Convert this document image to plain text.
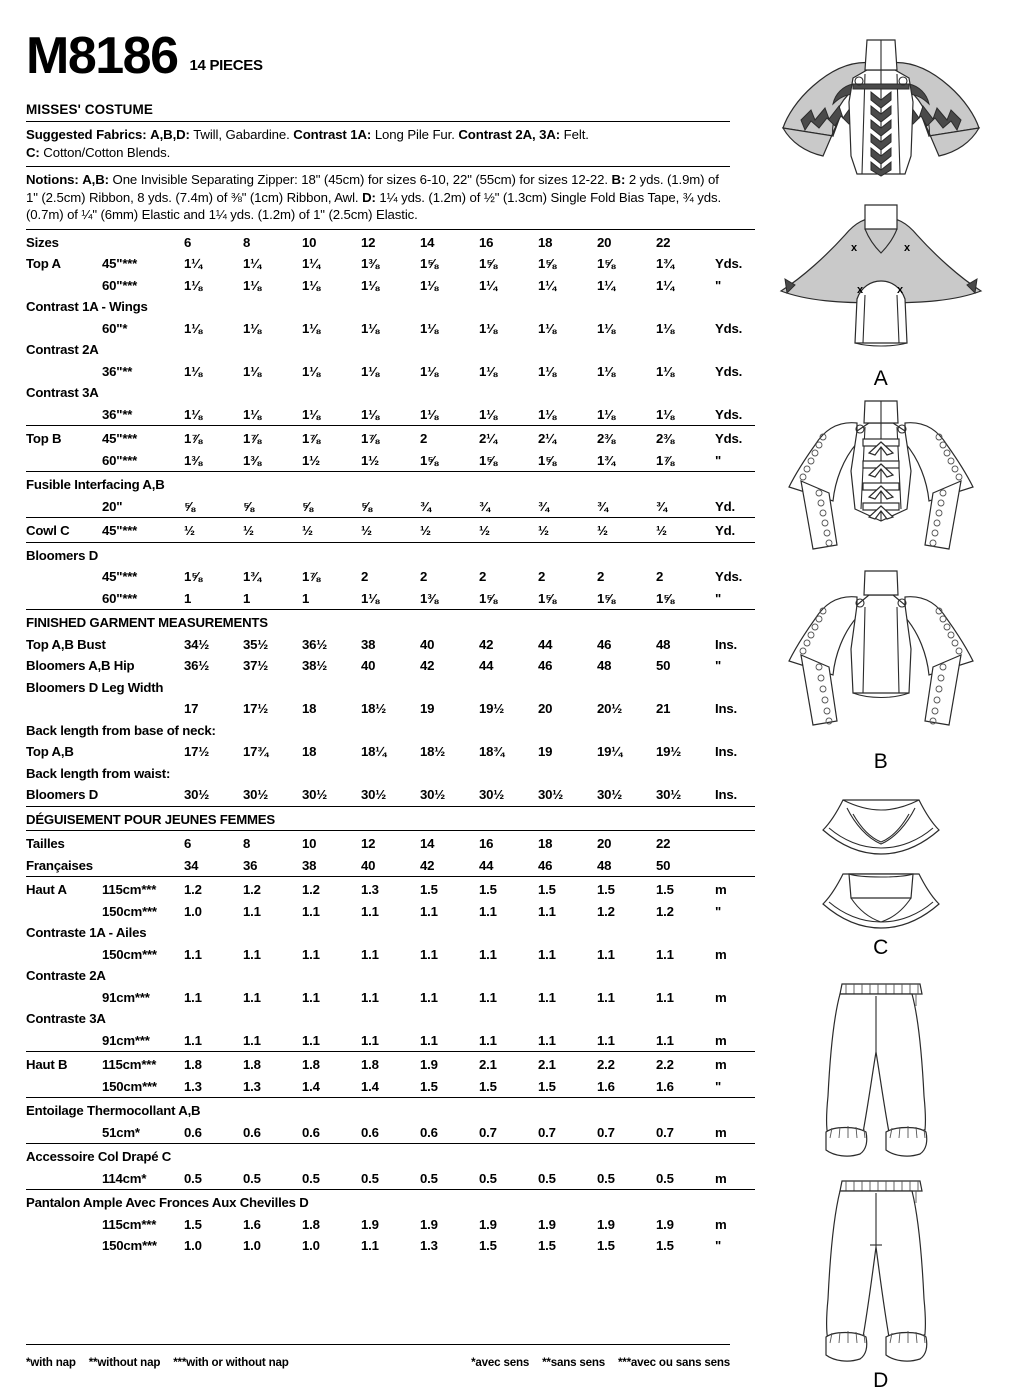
M8186 14 PIECES
MISSES' COSTUME
Suggested Fabrics: A,B,D: Twill, Gabardine. Contrast 1A: Long Pile Fur. Contrast 2A, 3A: Felt.
C: Cotton/Cotton Blends.
Notions: A,B: One Invisible Separating Zipper: 18" (45cm) for sizes 6-10, 22" (55cm) for sizes 12-22. B: 2 yds. (1.9m) of 1" (2.5cm) Ribbon, 8 yds. (7.4m) of ⅜" (1cm) Ribbon, Awl. D: 1¼ yds. (1.2m) of ½" (1.3cm) Single Fold Bias Tape, ¾ yds. (0.7m) of ¼" (6mm) Elastic and 1¼ yds. (1.2m) of 1" (2.5cm) Elastic.
Sizes		6	8	10	12	14	16	18	20	22	
Top A	45"***	1¼	1¼	1¼	1⅜	1⅝	1⅝	1⅝	1⅝	1¾	Yds.
	60"***	1⅛	1⅛	1⅛	1⅛	1⅛	1¼	1¼	1¼	1¼	"
Contrast 1A - Wings											
	60"*	1⅛	1⅛	1⅛	1⅛	1⅛	1⅛	1⅛	1⅛	1⅛	Yds.
Contrast 2A											
	36"**	1⅛	1⅛	1⅛	1⅛	1⅛	1⅛	1⅛	1⅛	1⅛	Yds.
Contrast 3A											
	36"**	1⅛	1⅛	1⅛	1⅛	1⅛	1⅛	1⅛	1⅛	1⅛	Yds.
Top B	45"***	1⅞	1⅞	1⅞	1⅞	2	2¼	2¼	2⅜	2⅜	Yds.
	60"***	1⅜	1⅜	1½	1½	1⅝	1⅝	1⅝	1¾	1⅞	"
Fusible Interfacing A,B											
	20"	⅝	⅝	⅝	⅝	¾	¾	¾	¾	¾	Yd.
Cowl C	45"***	½	½	½	½	½	½	½	½	½	Yd.
Bloomers D											
	45"***	1⅝	1¾	1⅞	2	2	2	2	2	2	Yds.
	60"***	1	1	1	1⅛	1⅜	1⅝	1⅝	1⅝	1⅝	"
FINISHED GARMENT MEASUREMENTS											
Top A,B Bust		34½	35½	36½	38	40	42	44	46	48	Ins.
Bloomers A,B Hip		36½	37½	38½	40	42	44	46	48	50	"
Bloomers D Leg Width											
		17	17½	18	18½	19	19½	20	20½	21	Ins.
Back length from base of neck:											
Top A,B		17½	17¾	18	18¼	18½	18¾	19	19¼	19½	Ins.
Back length from waist:											
Bloomers D		30½	30½	30½	30½	30½	30½	30½	30½	30½	Ins.
DÉGUISEMENT POUR JEUNES FEMMES											
Tailles		6	8	10	12	14	16	18	20	22	
Françaises		34	36	38	40	42	44	46	48	50	
Haut A	115cm***	1.2	1.2	1.2	1.3	1.5	1.5	1.5	1.5	1.5	m
	150cm***	1.0	1.1	1.1	1.1	1.1	1.1	1.1	1.2	1.2	"
Contraste 1A - Ailes											
	150cm***	1.1	1.1	1.1	1.1	1.1	1.1	1.1	1.1	1.1	m
Contraste 2A											
	91cm***	1.1	1.1	1.1	1.1	1.1	1.1	1.1	1.1	1.1	m
Contraste 3A											
	91cm***	1.1	1.1	1.1	1.1	1.1	1.1	1.1	1.1	1.1	m
Haut B	115cm***	1.8	1.8	1.8	1.8	1.9	2.1	2.1	2.2	2.2	m
	150cm***	1.3	1.3	1.4	1.4	1.5	1.5	1.5	1.6	1.6	"
Entoilage Thermocollant A,B											
	51cm*	0.6	0.6	0.6	0.6	0.6	0.7	0.7	0.7	0.7	m
Accessoire Col Drapé C											
	114cm*	0.5	0.5	0.5	0.5	0.5	0.5	0.5	0.5	0.5	m
Pantalon Ample Avec Fronces Aux Chevilles D											
	115cm***	1.5	1.6	1.8	1.9	1.9	1.9	1.9	1.9	1.9	m
	150cm***	1.0	1.0	1.0	1.1	1.3	1.5	1.5	1.5	1.5	"
*with nap **without nap ***with or without nap	*avec sens **sans sens ***avec ou sans sens
x	x
x	x
A
B
C
D
